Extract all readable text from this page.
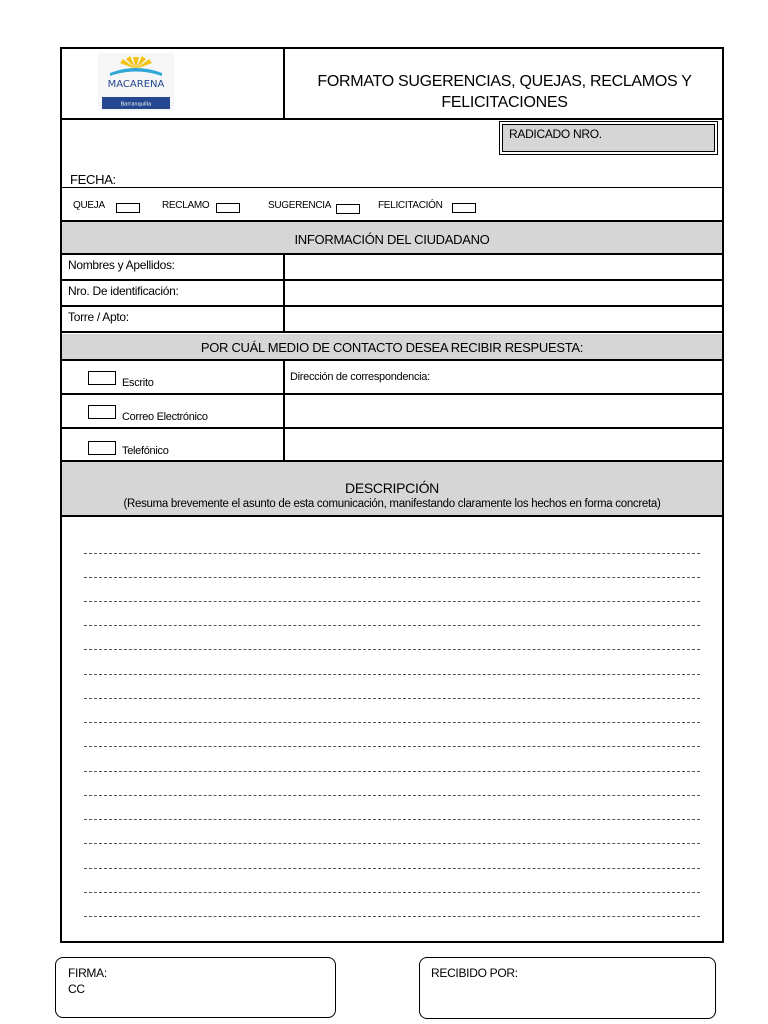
MACARENA
Barranquilla
FORMATO SUGERENCIAS, QUEJAS, RECLAMOS Y
FELICITACIONES
RADICADO NRO.
FECHA:
QUEJA	RECLAMO	SUGERENCIA	FELICITACIÓN
INFORMACIÓN DEL CIUDADANO
Nombres y Apellidos:
Nro. De identificación:
Torre / Apto:
POR CUÁL MEDIO DE CONTACTO DESEA RECIBIR RESPUESTA:
Escrito	Dirección de correspondencia:
Correo Electrónico
Telefónico
DESCRIPCIÓN
(Resuma brevemente el asunto de esta comunicación, manifestando claramente los hechos en forma concreta)
FIRMA:
CC
RECIBIDO POR:
